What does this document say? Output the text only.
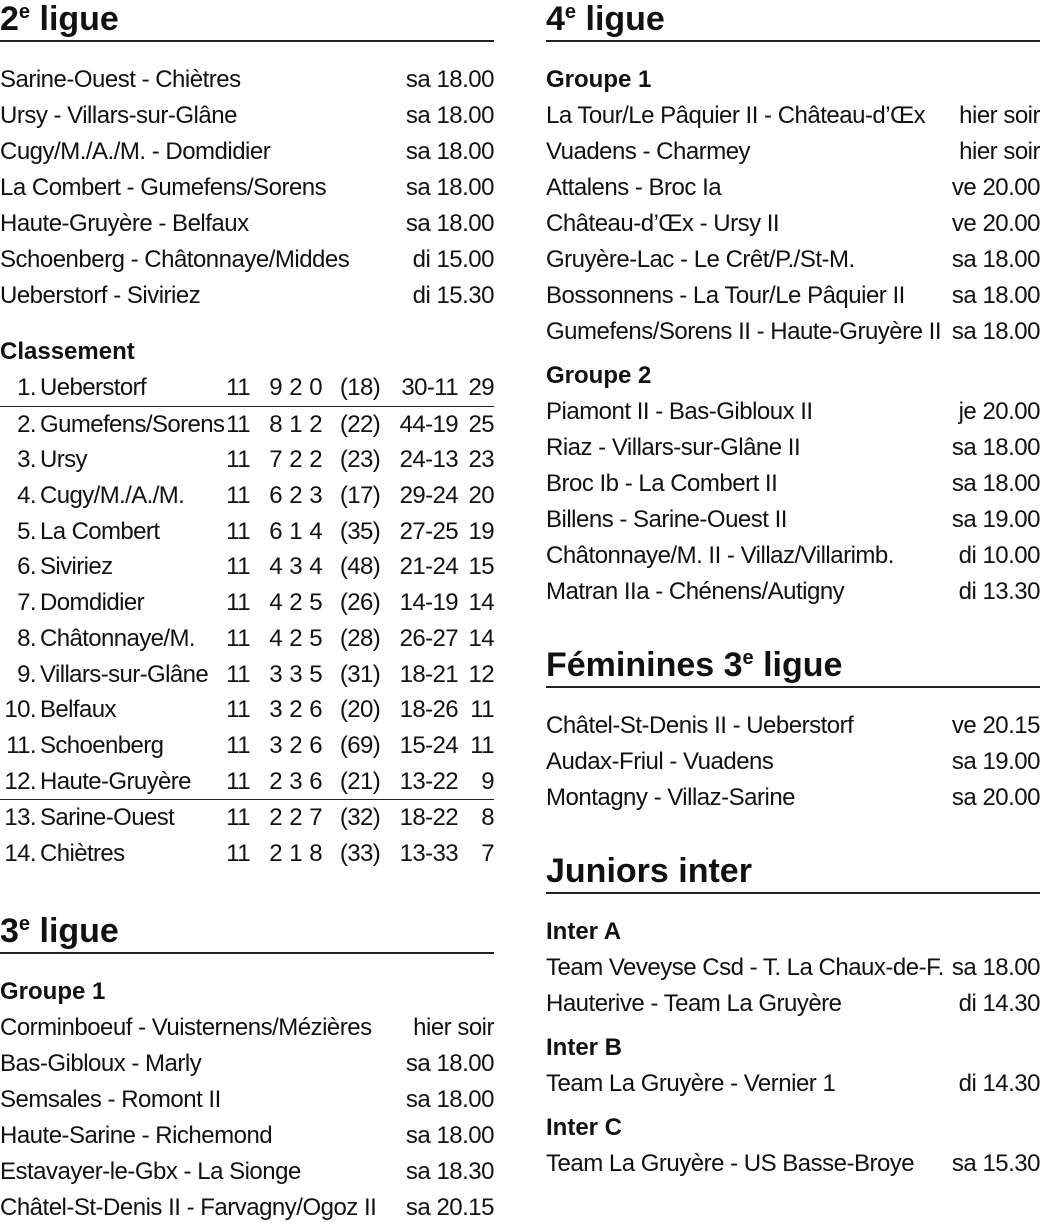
2e ligue
Sarine-Ouest - Chiètres	sa 18.00
Ursy - Villars-sur-Glâne	sa 18.00
Cugy/M./A./M. - Domdidier	sa 18.00
La Combert - Gumefens/Sorens	sa 18.00
Haute-Gruyère - Belfaux	sa 18.00
Schoenberg - Châtonnaye/Middes	di 15.00
Ueberstorf - Siviriez	di 15.30
Classement
1. Ueberstorf	11 9 2 0 (18) 30-11 29
2. Gumefens/Sorens 11 8 1 2 (22) 44-19 25
3. Ursy	11 7 2 2 (23) 24-13 23
4. Cugy/M./A./M. 11 6 2 3 (17) 29-24 20
5. La Combert	11 6 1 4 (35) 27-25 19
6. Siviriez	11 4 3 4 (48) 21-24 15
7. Domdidier	11 4 2 5 (26) 14-19 14
8. Châtonnaye/M. 11 4 2 5 (28) 26-27 14
9. Villars-sur-Glâne 11 3 3 5 (31) 18-21 12
10. Belfaux	11 3 2 6 (20) 18-26 11
11. Schoenberg	11 3 2 6 (69) 15-24 11
12. Haute-Gruyère 11 2 3 6 (21) 13-22 9
13. Sarine-Ouest 11 2 2 7 (32) 18-22 8
14. Chiètres	11 2 1 8 (33) 13-33 7
3e ligue
Groupe 1
Corminboeuf - Vuisternens/Mézières hier soir
Bas-Gibloux - Marly	sa 18.00
Semsales - Romont II	sa 18.00
Haute-Sarine - Richemond	sa 18.00
Estavayer-le-Gbx - La Sionge	sa 18.30
Châtel-St-Denis II - Farvagny/Ogoz II sa 20.15
4e ligue
Groupe 1
La Tour/Le Pâquier II - Château-d’Œx hier soir
Vuadens - Charmey	hier soir
Attalens - Broc Ia	ve 20.00
Château-d’Œx - Ursy II	ve 20.00
Gruyère-Lac - Le Crêt/P./St-M.	sa 18.00
Bossonnens - La Tour/Le Pâquier II sa 18.00
Gumefens/Sorens II - Haute-Gruyère II sa 18.00
Groupe 2
Piamont II - Bas-Gibloux II	je 20.00
Riaz - Villars-sur-Glâne II	sa 18.00
Broc Ib - La Combert II	sa 18.00
Billens - Sarine-Ouest II	sa 19.00
Châtonnaye/M. II - Villaz/Villarimb.	di 10.00
Matran IIa - Chénens/Autigny	di 13.30
Féminines 3e ligue
Châtel-St-Denis II - Ueberstorf	ve 20.15
Audax-Friul - Vuadens	sa 19.00
Montagny - Villaz-Sarine	sa 20.00
Juniors inter
Inter A
Team Veveyse Csd - T. La Chaux-de-F. sa 18.00
Hauterive - Team La Gruyère	di 14.30
Inter B
Team La Gruyère - Vernier 1	di 14.30
Inter C
Team La Gruyère - US Basse-Broye sa 15.30
